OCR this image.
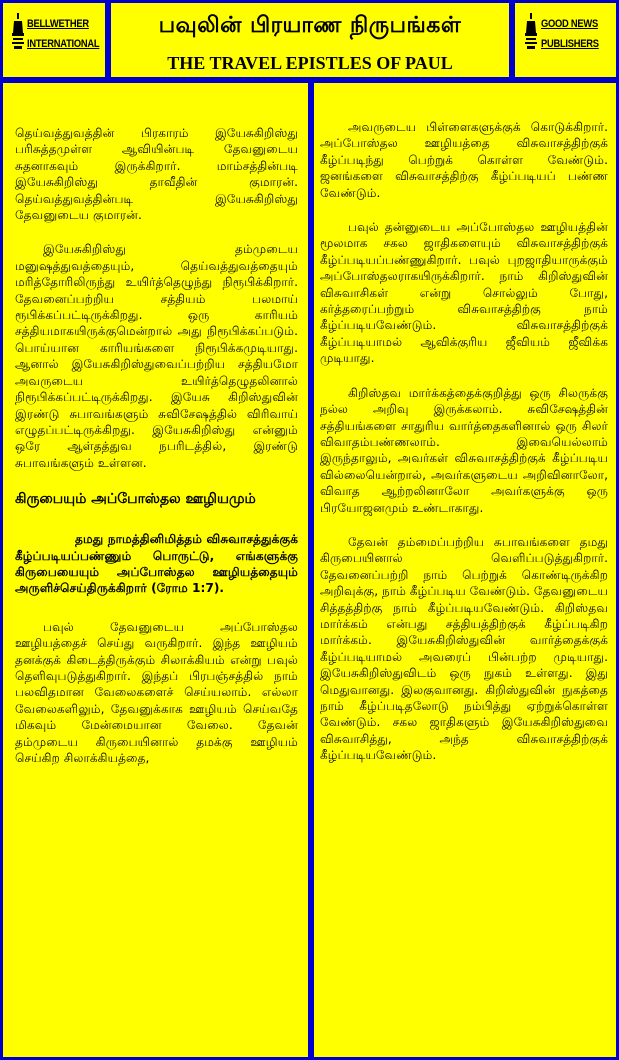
BELLWETHER
INTERNATIONAL
பவுலின் பிரயாண நிருபங்கள்
THE TRAVEL EPISTLES OF PAUL
GOOD NEWS
PUBLISHERS

தெய்வத்துவத்தின் பிரகாரம் இயேசுகிறிஸ்து பரிசுத்தமுள்ள ஆவியின்படி தேவனுடைய சுதனாகவும் இருக்கிறார். மாம்சத்தின்படி இயேசுகிறிஸ்து தாவீதின் குமாரன். தெய்வத்துவத்தின்படி இயேசுகிறிஸ்து தேவனுடைய குமாரன்.

இயேசுகிறிஸ்து தம்முடைய மனுஷத்துவத்தையும், தெய்வத்துவத்தையும் மரித்தோரிலிருந்து உயிர்த்தெழுந்து நிரூபிக்கிறார். தேவனைப்பற்றிய சத்தியம் பலமாய் ரூபிக்கப்பட்டிருக்கிறது. ஒரு காரியம் சத்தியமாகயிருக்குமென்றால் அது நிரூபிக்கப்படும். பொய்யான காரியங்களை நிரூபிக்கமுடியாது. ஆனால் இயேசுகிறிஸ்துவைப்பற்றிய சத்தியமோ அவருடைய உயிர்த்தெழுதலினால் நிரூபிக்கப்பட்டிருக்கிறது. இயேசு கிறிஸ்துவின் இரண்டு சுபாவங்களும் சுவிசேஷத்தில் விரிவாய் எழுதப்பட்டிருக்கிறது. இயேசுகிறிஸ்து என்னும் ஒரே ஆள்தத்துவ நபரிடத்தில், இரண்டு சுபாவங்களும் உள்ளன.

கிருபையும் அப்போஸ்தல ஊழியமும்

தமது நாமத்தினிமித்தம் விசுவாசத்துக்குக் கீழ்ப்படியப்பண்ணும் பொருட்டு, எங்களுக்கு கிருபையையும் அப்போஸ்தல ஊழியத்தையும் அருளிச்செய்திருக்கிறார் (ரோம 1:7).

பவுல் தேவனுடைய அப்போஸ்தல ஊழியத்தைச் செய்து வருகிறார். இந்த ஊழியம் தனக்குக் கிடைத்திருக்கும் சிலாக்கியம் என்று பவுல் தெளிவுபடுத்துகிறார். இந்தப் பிரபஞ்சத்தில் நாம் பலவிதமான வேலைகளைச் செய்யலாம். எல்லா வேலைகளிலும், தேவனுக்காக ஊழியம் செய்வதே மிகவும் மேன்மையான வேலை. தேவன் தம்முடைய கிருபையினால் தமக்கு ஊழியம் செய்கிற சிலாக்கியத்தை,

அவருடைய பிள்ளைகளுக்குக் கொடுக்கிறார். அப்போஸ்தல ஊழியத்தை விசுவாசத்திற்குக் கீழ்ப்படிந்து பெற்றுக் கொள்ள வேண்டும். ஜனங்களை விசுவாசத்திற்கு கீழ்ப்படியப் பண்ண வேண்டும்.

பவுல் தன்னுடைய அப்போஸ்தல ஊழியத்தின் மூலமாக சகல ஜாதிகளையும் விசுவாசத்திற்குக் கீழ்ப்படியப்பண்ணுகிறார். பவுல் புறஜாதியாருக்கும் அப்போஸ்தலராகயிருக்கிறார். நாம் கிறிஸ்துவின் விசுவாசிகள் என்று சொல்லும் போது, கர்த்தரைப்பற்றும் விசுவாசத்திற்கு நாம் கீழ்ப்படியவேண்டும். விசுவாசத்திற்குக் கீழ்ப்படியாமல் ஆவிக்குரிய ஜீவியம் ஜீவிக்க முடியாது.

கிறிஸ்தவ மார்க்கத்தைக்குறித்து ஒரு சிலருக்கு நல்ல அறிவு இருக்கலாம். சுவிசேஷத்தின் சத்தியங்களை சாதுரிய வார்த்தைகளினால் ஒரு சிலர் விவாதம்பண்ணலாம். இவையெல்லாம் இருந்தாலும், அவர்கள் விசுவாசத்திற்குக் கீழ்ப்படிய வில்லையென்றால், அவர்களுடைய அறிவினாலோ, விவாத ஆற்றலினாலோ அவர்களுக்கு ஒரு பிரயோஜனமும் உண்டாகாது.

தேவன் தம்மைப்பற்றிய சுபாவங்களை தமது கிருபையினால் வெளிப்படுத்துகிறார். தேவனைப்பற்றி நாம் பெற்றுக் கொண்டிருக்கிற அறிவுக்கு, நாம் கீழ்ப்படிய வேண்டும். தேவனுடைய சித்தத்திற்கு நாம் கீழ்ப்படியவேண்டும். கிறிஸ்தவ மார்க்கம் என்பது சத்தியத்திற்குக் கீழ்ப்படிகிற மார்க்கம். இயேசுகிறிஸ்துவின் வார்த்தைக்குக் கீழ்ப்படியாமல் அவரைப் பின்பற்ற முடியாது. இயேசுகிறிஸ்துவிடம் ஒரு நுகம் உள்ளது. இது மெதுவானது. இலகுவானது. கிறிஸ்துவின் நுகத்தை நாம் கீழ்ப்படிதலோடு நம்பித்து ஏற்றுக்கொள்ள வேண்டும். சகல ஜாதிகளும் இயேசுகிறிஸ்துவை விசுவாசித்து, அந்த விசுவாசத்திற்குக் கீழ்ப்படியவேண்டும்.
